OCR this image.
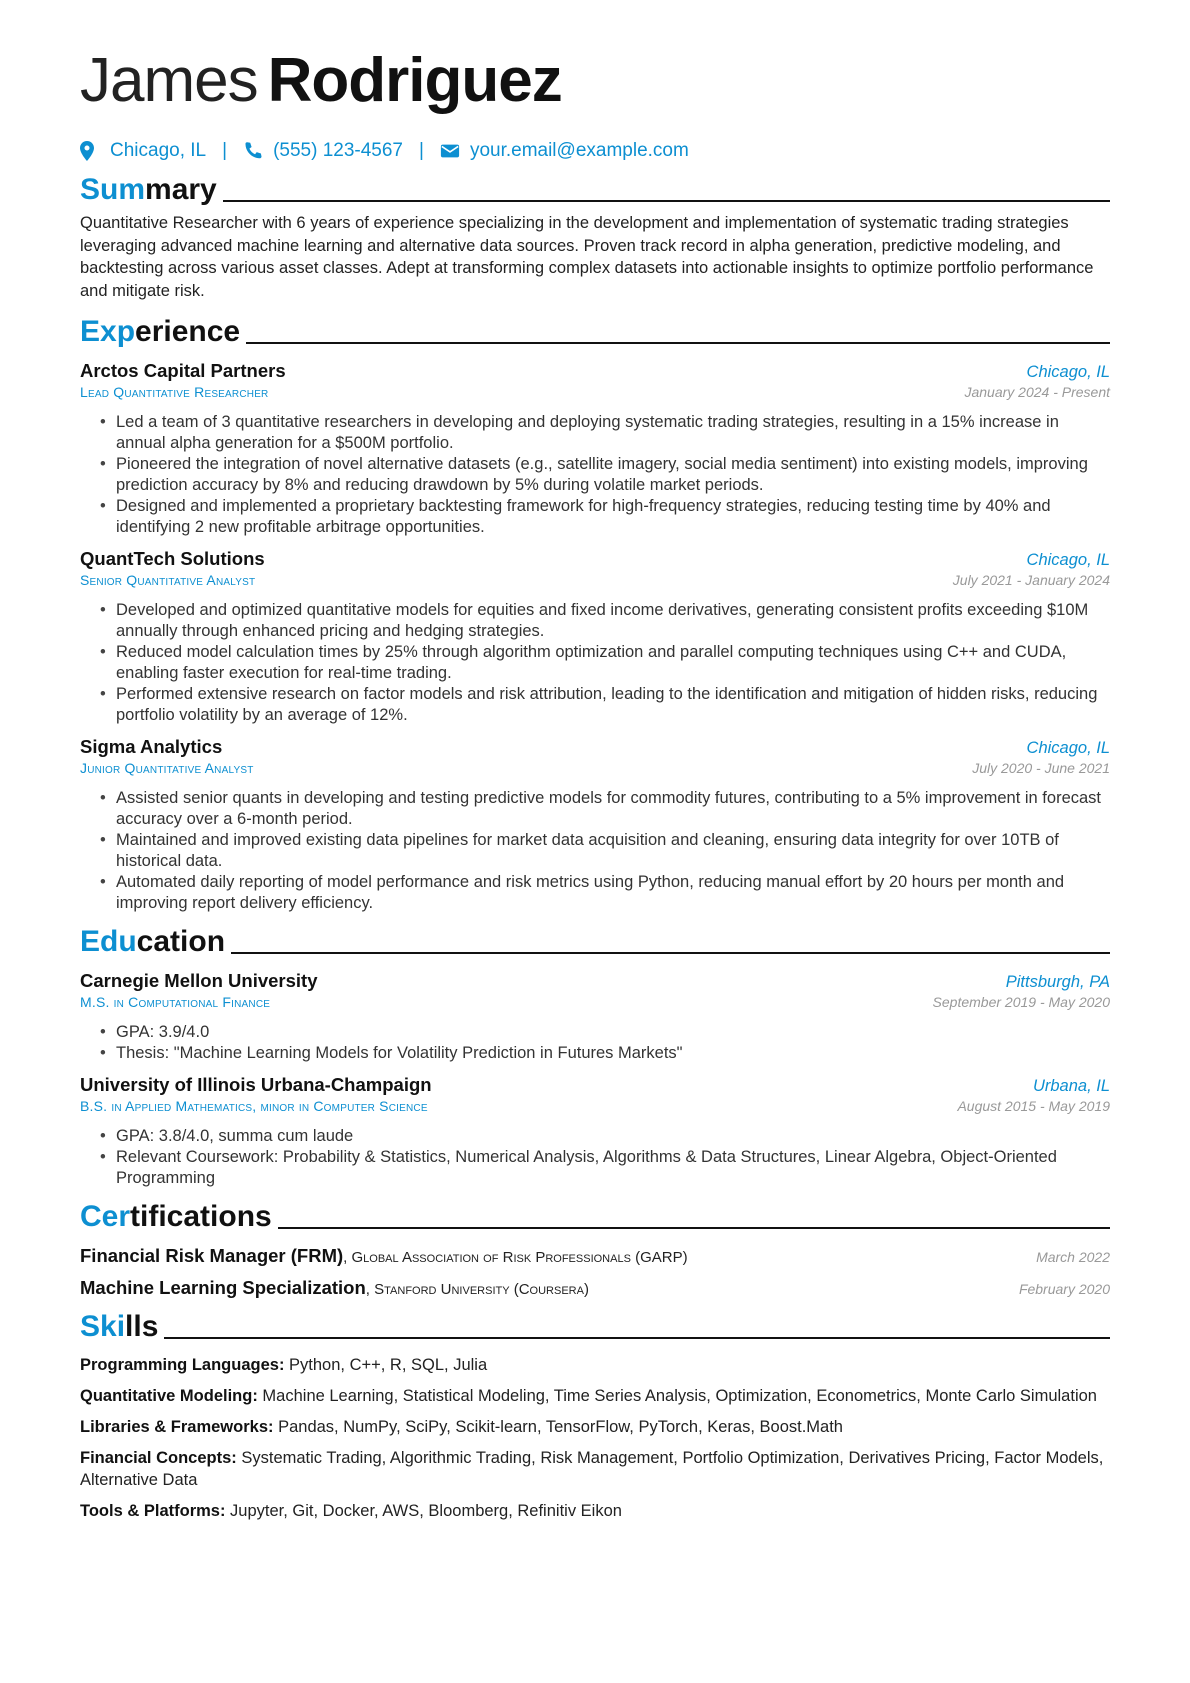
James Rodriguez
Chicago, IL | (555) 123-4567 | your.email@example.com
Summary

Quantitative Researcher with 6 years of experience specializing in the development and implementation of systematic trading strategies leveraging advanced machine learning and alternative data sources. Proven track record in alpha generation, predictive modeling, and backtesting across various asset classes. Adept at transforming complex datasets into actionable insights to optimize portfolio performance and mitigate risk.

Experience
Arctos Capital Partners	Chicago, IL
Lead Quantitative Researcher	January 2024 - Present
• Led a team of 3 quantitative researchers in developing and deploying systematic trading strategies, resulting in a 15% increase in annual alpha generation for a $500M portfolio.
• Pioneered the integration of novel alternative datasets (e.g., satellite imagery, social media sentiment) into existing models, improving prediction accuracy by 8% and reducing drawdown by 5% during volatile market periods.
• Designed and implemented a proprietary backtesting framework for high-frequency strategies, reducing testing time by 40% and identifying 2 new profitable arbitrage opportunities.
QuantTech Solutions	Chicago, IL
Senior Quantitative Analyst	July 2021 - January 2024
• Developed and optimized quantitative models for equities and fixed income derivatives, generating consistent profits exceeding $10M annually through enhanced pricing and hedging strategies.
• Reduced model calculation times by 25% through algorithm optimization and parallel computing techniques using C++ and CUDA, enabling faster execution for real-time trading.
• Performed extensive research on factor models and risk attribution, leading to the identification and mitigation of hidden risks, reducing portfolio volatility by an average of 12%.
Sigma Analytics	Chicago, IL
Junior Quantitative Analyst	July 2020 - June 2021
• Assisted senior quants in developing and testing predictive models for commodity futures, contributing to a 5% improvement in forecast accuracy over a 6-month period.
• Maintained and improved existing data pipelines for market data acquisition and cleaning, ensuring data integrity for over 10TB of historical data.
• Automated daily reporting of model performance and risk metrics using Python, reducing manual effort by 20 hours per month and improving report delivery efficiency.
Education
Carnegie Mellon University	Pittsburgh, PA
M.S. in Computational Finance	September 2019 - May 2020
• GPA: 3.9/4.0
• Thesis: "Machine Learning Models for Volatility Prediction in Futures Markets"
University of Illinois Urbana-Champaign	Urbana, IL
B.S. in Applied Mathematics, minor in Computer Science	August 2015 - May 2019
• GPA: 3.8/4.0, summa cum laude
• Relevant Coursework: Probability & Statistics, Numerical Analysis, Algorithms & Data Structures, Linear Algebra, Object-Oriented Programming
Certifications
Financial Risk Manager (FRM), Global Association of Risk Professionals (GARP)	March 2022
Machine Learning Specialization, Stanford University (Coursera)	February 2020
Skills
Programming Languages: Python, C++, R, SQL, Julia
Quantitative Modeling: Machine Learning, Statistical Modeling, Time Series Analysis, Optimization, Econometrics, Monte Carlo Simulation
Libraries & Frameworks: Pandas, NumPy, SciPy, Scikit-learn, TensorFlow, PyTorch, Keras, Boost.Math
Financial Concepts: Systematic Trading, Algorithmic Trading, Risk Management, Portfolio Optimization, Derivatives Pricing, Factor Models, Alternative Data
Tools & Platforms: Jupyter, Git, Docker, AWS, Bloomberg, Refinitiv Eikon
